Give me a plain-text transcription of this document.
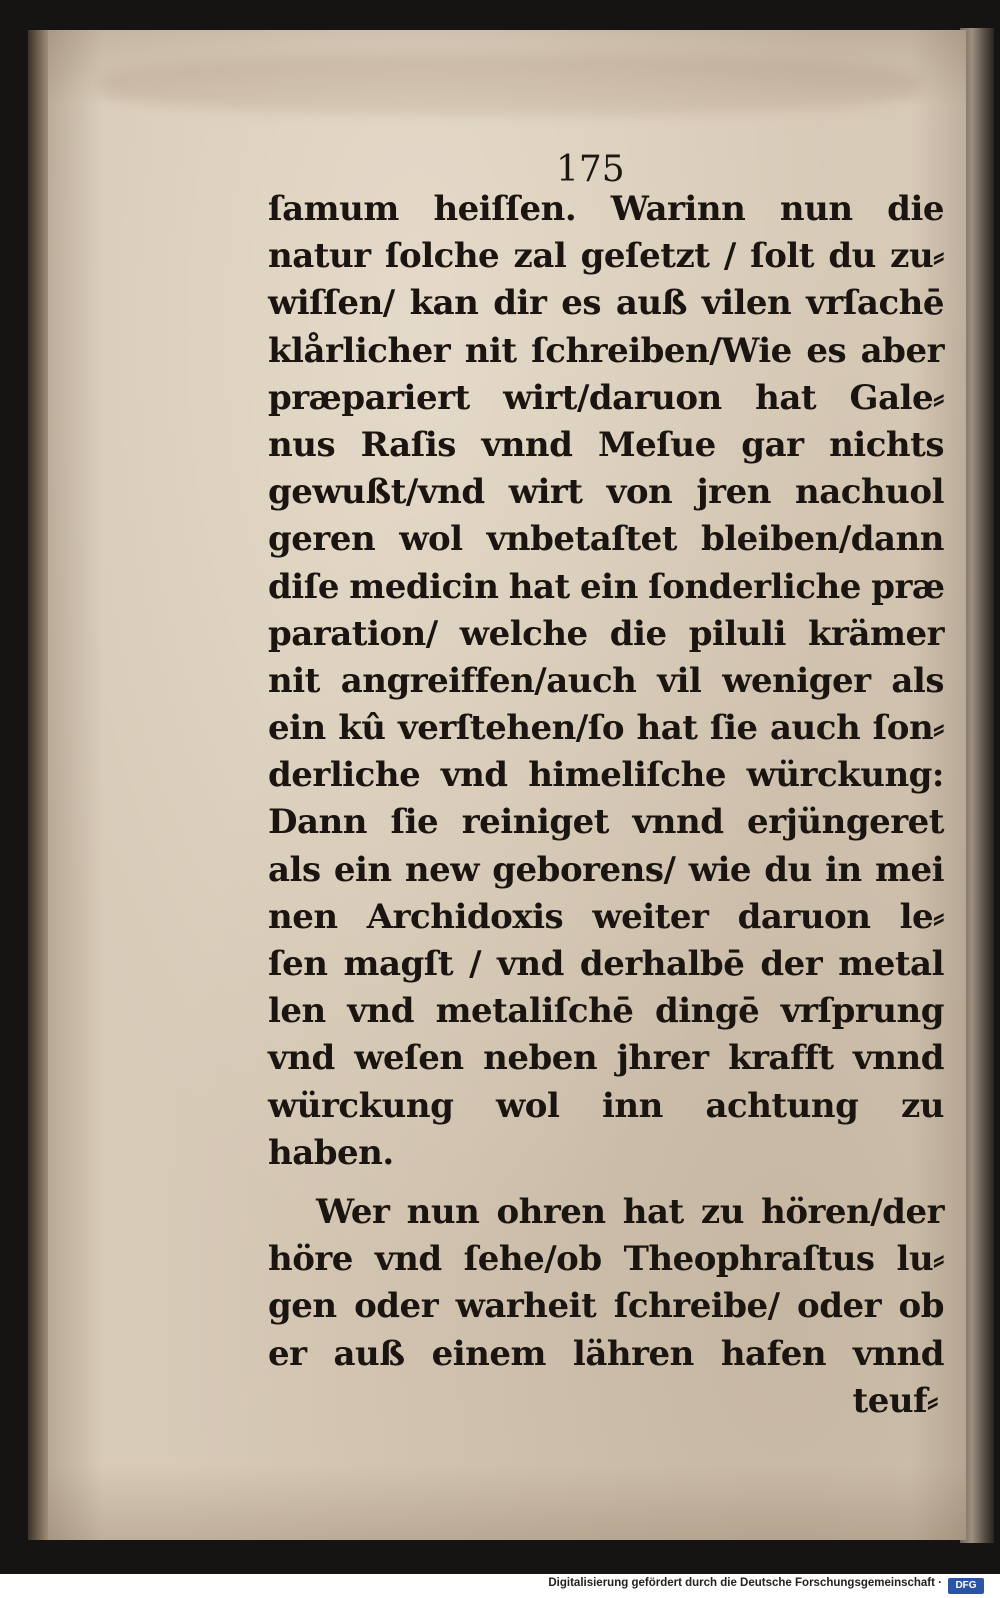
175
ſamum heiſſen. Warinn nun die
natur ſolche zal geſetzt / ſolt du zu⸗
wiſſen/ kan dir es auß vilen vrſachē
klårlicher nit ſchreiben/Wie es aber
præpariert wirt/daruon hat Gale⸗
nus Raſis vnnd Meſue gar nichts
gewußt/vnd wirt von jren nachuol
geren wol vnbetaſtet bleiben/dann
diſe medicin hat ein ſonderliche præ
paration/ welche die piluli krämer
nit angreiffen/auch vil weniger als
ein kû verſtehen/ſo hat ſie auch ſon⸗
derliche vnd himeliſche würckung:
Dann ſie reiniget vnnd erjüngeret
als ein new geborens/ wie du in mei
nen Archidoxis weiter daruon le⸗
ſen magſt / vnd derhalbē der metal
len vnd metaliſchē dingē vrſprung
vnd weſen neben jhrer krafft vnnd
würckung wol inn achtung zu
haben.
Wer nun ohren hat zu hören/der
höre vnd ſehe/ob Theophraſtus lu⸗
gen oder warheit ſchreibe/ oder ob
er auß einem lähren hafen vnnd
teuf⸗
Digitalisierung gefördert durch die Deutsche Forschungsgemeinschaft ·	DFG
